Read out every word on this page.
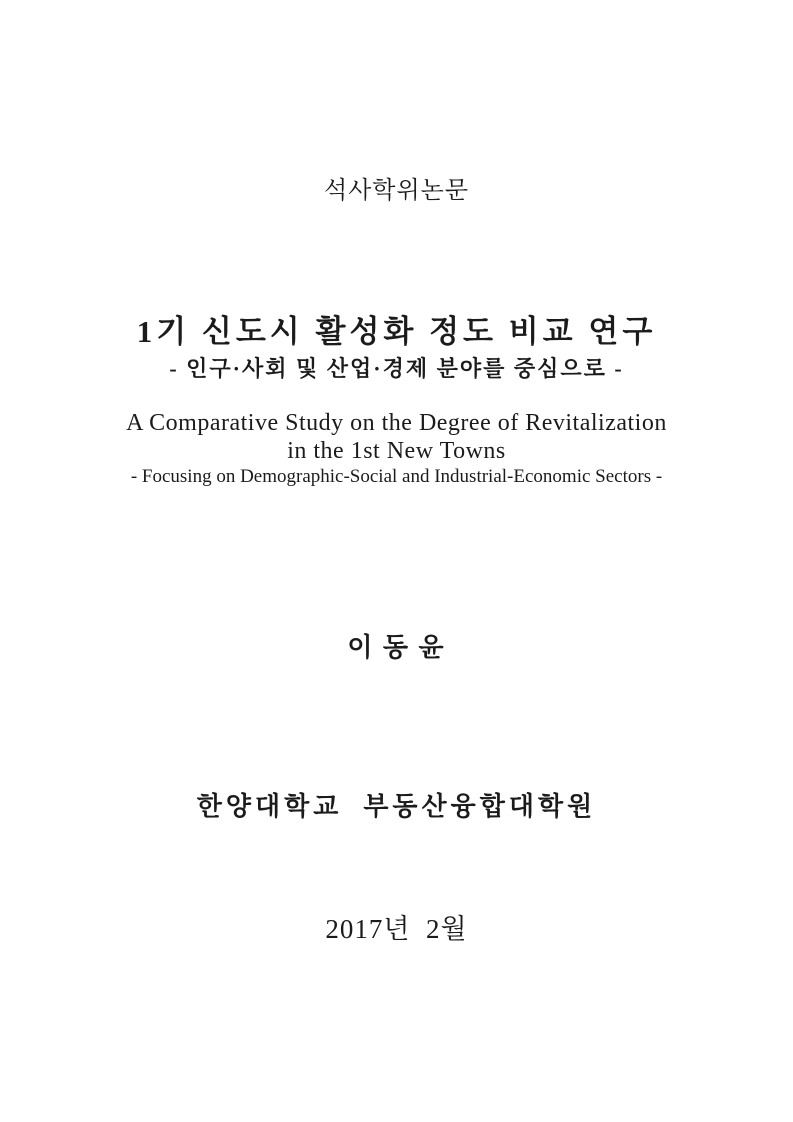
석사학위논문
1기 신도시 활성화 정도 비교 연구
- 인구·사회 및 산업·경제 분야를 중심으로 -
A Comparative Study on the Degree of Revitalization
in the 1st New Towns
- Focusing on Demographic-Social and Industrial-Economic Sectors -
이 동 윤
한양대학교  부동산융합대학원
2017년  2월
